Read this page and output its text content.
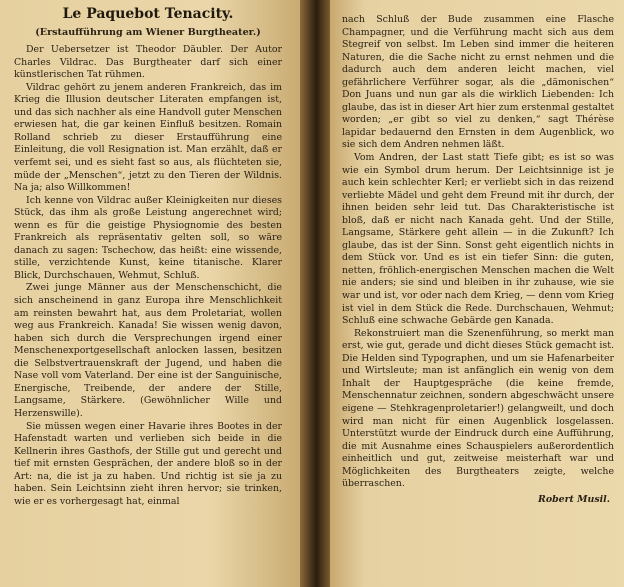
Le Paquebot Tenacity.
(Erstaufführung am Wiener Burgtheater.)

Der Uebersetzer ist Theodor Däubler. Der Autor Charles Vildrac. Das Burgtheater darf sich einer künstlerischen Tat rühmen.

Vildrac gehört zu jenem anderen Frankreich, das im Krieg die Illusion deutscher Literaten empfangen ist, und das sich nachher als eine Handvoll guter Menschen erwiesen hat, die gar keinen Einfluß besitzen. Romain Rolland schrieb zu dieser Erstaufführung eine Einleitung, die voll Resignation ist. Man erzählt, daß er verfemt sei, und es sieht fast so aus, als flüchteten sie, müde der „Menschen“, jetzt zu den Tieren der Wildnis. Na ja; also Willkommen!

Ich kenne von Vildrac außer Kleinigkeiten nur dieses Stück, das ihm als große Leistung angerechnet wird; wenn es für die geistige Physiognomie des besten Frankreich als repräsentativ gelten soll, so wäre danach zu sagen: Tschechow, das heißt: eine wissende, stille, verzichtende Kunst, keine titanische. Klarer Blick, Durchschauen, Wehmut, Schluß.

Zwei junge Männer aus der Menschenschicht, die sich anscheinend in ganz Europa ihre Menschlichkeit am reinsten bewahrt hat, aus dem Proletariat, wollen weg aus Frankreich. Kanada! Sie wissen wenig davon, haben sich durch die Versprechungen irgend einer Menschenexportgesellschaft anlocken lassen, besitzen die Selbstvertrauenskraft der Jugend, und haben die Nase voll vom Vaterland. Der eine ist der Sanguinische, Energische, Treibende, der andere der Stille, Langsame, Stärkere. (Gewöhnlicher Wille und Herzenswille).

Sie müssen wegen einer Havarie ihres Bootes in der Hafenstadt warten und verlieben sich beide in die Kellnerin ihres Gasthofs, der Stille gut und gerecht und tief mit ernsten Gesprächen, der andere bloß so in der Art: na, die ist ja zu haben. Und richtig ist sie ja zu haben. Sein Leichtsinn zieht ihren hervor; sie trinken, wie er es vorhergesagt hat, einmal

nach Schluß der Bude zusammen eine Flasche Champagner, und die Verführung macht sich aus dem Stegreif von selbst. Im Leben sind immer die heiteren Naturen, die die Sache nicht zu ernst nehmen und die dadurch auch dem anderen leicht machen, viel gefährlichere Verführer sogar, als die „dämonischen“ Don Juans und nun gar als die wirklich Liebenden: Ich glaube, das ist in dieser Art hier zum erstenmal gestaltet worden; „er gibt so viel zu denken,“ sagt Thérèse lapidar bedauernd den Ernsten in dem Augenblick, wo sie sich dem Andren nehmen läßt.

Vom Andren, der Last statt Tiefe gibt; es ist so was wie ein Symbol drum herum. Der Leichtsinnige ist je auch kein schlechter Kerl; er verliebt sich in das reizend verliebte Mädel und geht dem Freund mit ihr durch, der ihnen beiden sehr leid tut. Das Charakteristische ist bloß, daß er nicht nach Kanada geht. Und der Stille, Langsame, Stärkere geht allein — in die Zukunft? Ich glaube, das ist der Sinn. Sonst geht eigentlich nichts in dem Stück vor. Und es ist ein tiefer Sinn: die guten, netten, fröhlich-energischen Menschen machen die Welt nie anders; sie sind und bleiben in ihr zuhause, wie sie war und ist, vor oder nach dem Krieg, — denn vom Krieg ist viel in dem Stück die Rede. Durchschauen, Wehmut; Schluß eine schwache Gebärde gen Kanada.

Rekonstruiert man die Szenenführung, so merkt man erst, wie gut, gerade und dicht dieses Stück gemacht ist. Die Helden sind Typographen, und um sie Hafenarbeiter und Wirtsleute; man ist anfänglich ein wenig von dem Inhalt der Hauptgespräche (die keine fremde, Menschennatur zeichnen, sondern abgeschwächt unsere eigene — Stehkragenproletarier!) gelangweilt, und doch wird man nicht für einen Augenblick losgelassen. Unterstützt wurde der Eindruck durch eine Aufführung, die mit Ausnahme eines Schauspielers außerordentlich einheitlich und gut, zeitweise meisterhaft war und Möglichkeiten des Burgtheaters zeigte, welche überraschen.

Robert Musil.
